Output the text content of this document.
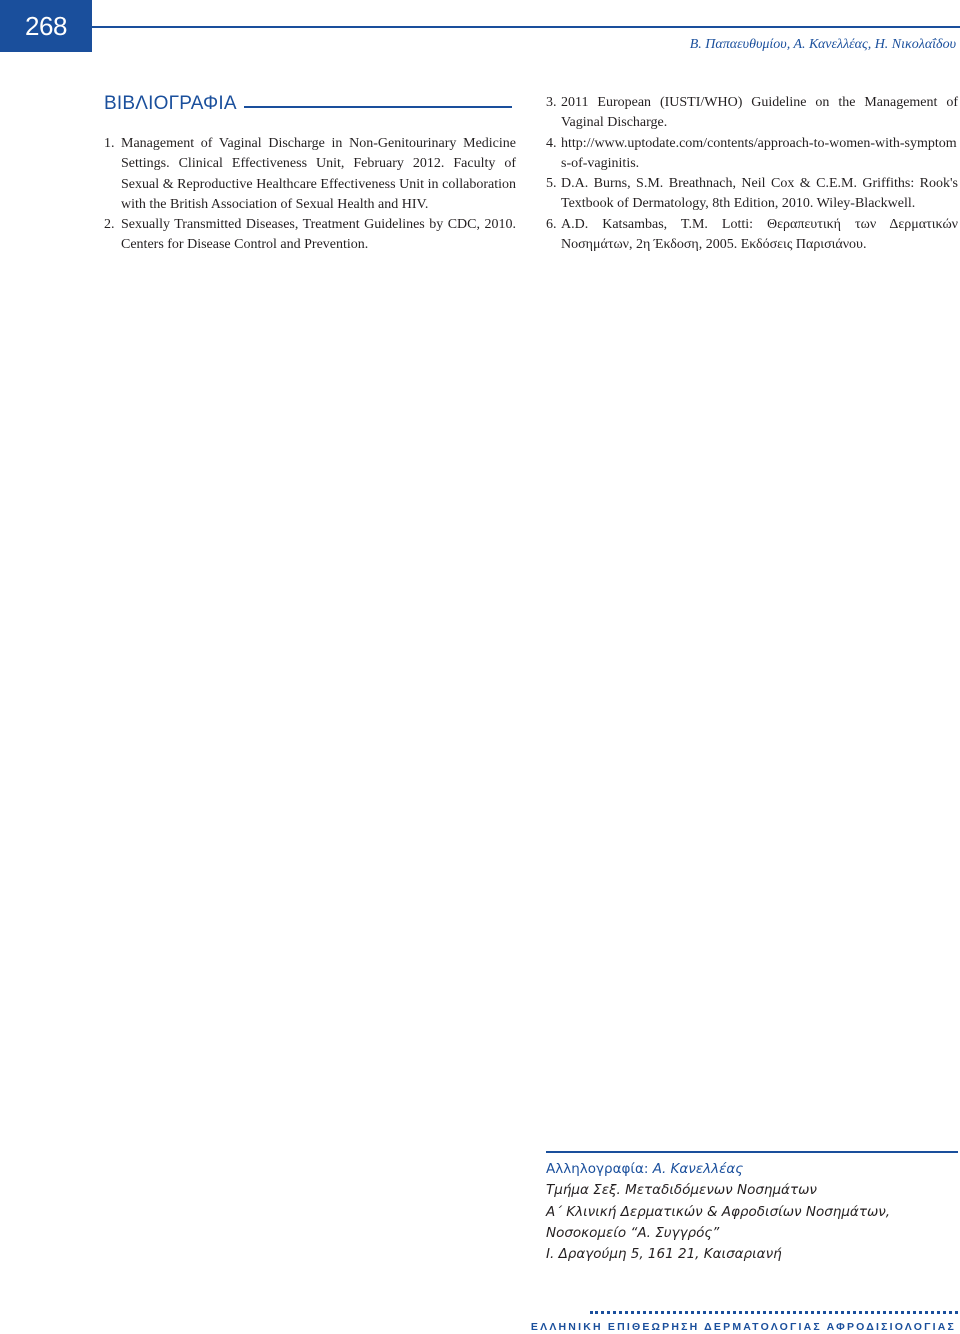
268
Β. Παπαευθυμίου, Α. Κανελλέας, Η. Νικολαΐδου
ΒΙΒΛΙΟΓΡΑΦΙΑ

1. Management of Vaginal Discharge in Non-Genitourinary Medicine Settings. Clinical Effectiveness Unit, February 2012. Faculty of Sexual & Reproductive Healthcare Effectiveness Unit in collaboration with the British Association of Sexual Health and HIV.

2. Sexually Transmitted Diseases, Treatment Guidelines by CDC, 2010. Centers for Disease Control and Prevention.

3. 2011 European (IUSTI/WHO) Guideline on the Management of Vaginal Discharge.

4. http://www.uptodate.com/contents/approach-to-women-with-symptoms-of-vaginitis.

5. D.A. Burns, S.M. Breathnach, Neil Cox & C.E.M. Griffiths: Rook's Textbook of Dermatology, 8th Edition, 2010. Wiley-Blackwell.

6. A.D. Katsambas, T.M. Lotti: Θεραπευτική των Δερματικών Νοσημάτων, 2η Έκδοση, 2005. Εκδόσεις Παρισιάνου.

Αλληλογραφία: Α. Κανελλέας
Τμήμα Σεξ. Μεταδιδόμενων Νοσημάτων
Α΄ Κλινική Δερματικών & Αφροδισίων Νοσημάτων,
Νοσοκομείο “Α. Συγγρός”
Ι. Δραγούμη 5, 161 21, Καισαριανή
ΕΛΛΗΝΙΚΗ ΕΠΙΘΕΩΡΗΣΗ ΔΕΡΜΑΤΟΛΟΓΙΑΣ ΑΦΡΟΔΙΣΙΟΛΟΓΙΑΣ
